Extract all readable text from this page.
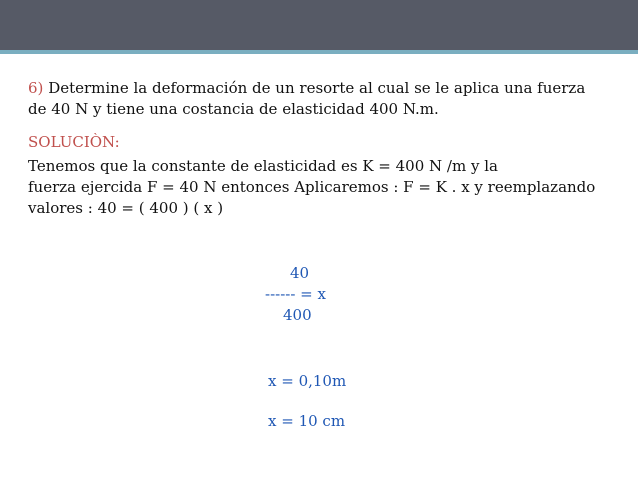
6) Determine la deformación de un resorte al cual se le aplica una fuerza

de 40 N y tiene una costancia de elasticidad 400 N.m.

SOLUCIÒN:

Tenemos que la constante de elasticidad es K = 400 N /m y la

fuerza ejercida F = 40 N entonces Aplicaremos : F = K . x y reemplazando

valores : 40 = ( 400 ) ( x )

40
------ = x
400
x = 0,10m
x = 10 cm
